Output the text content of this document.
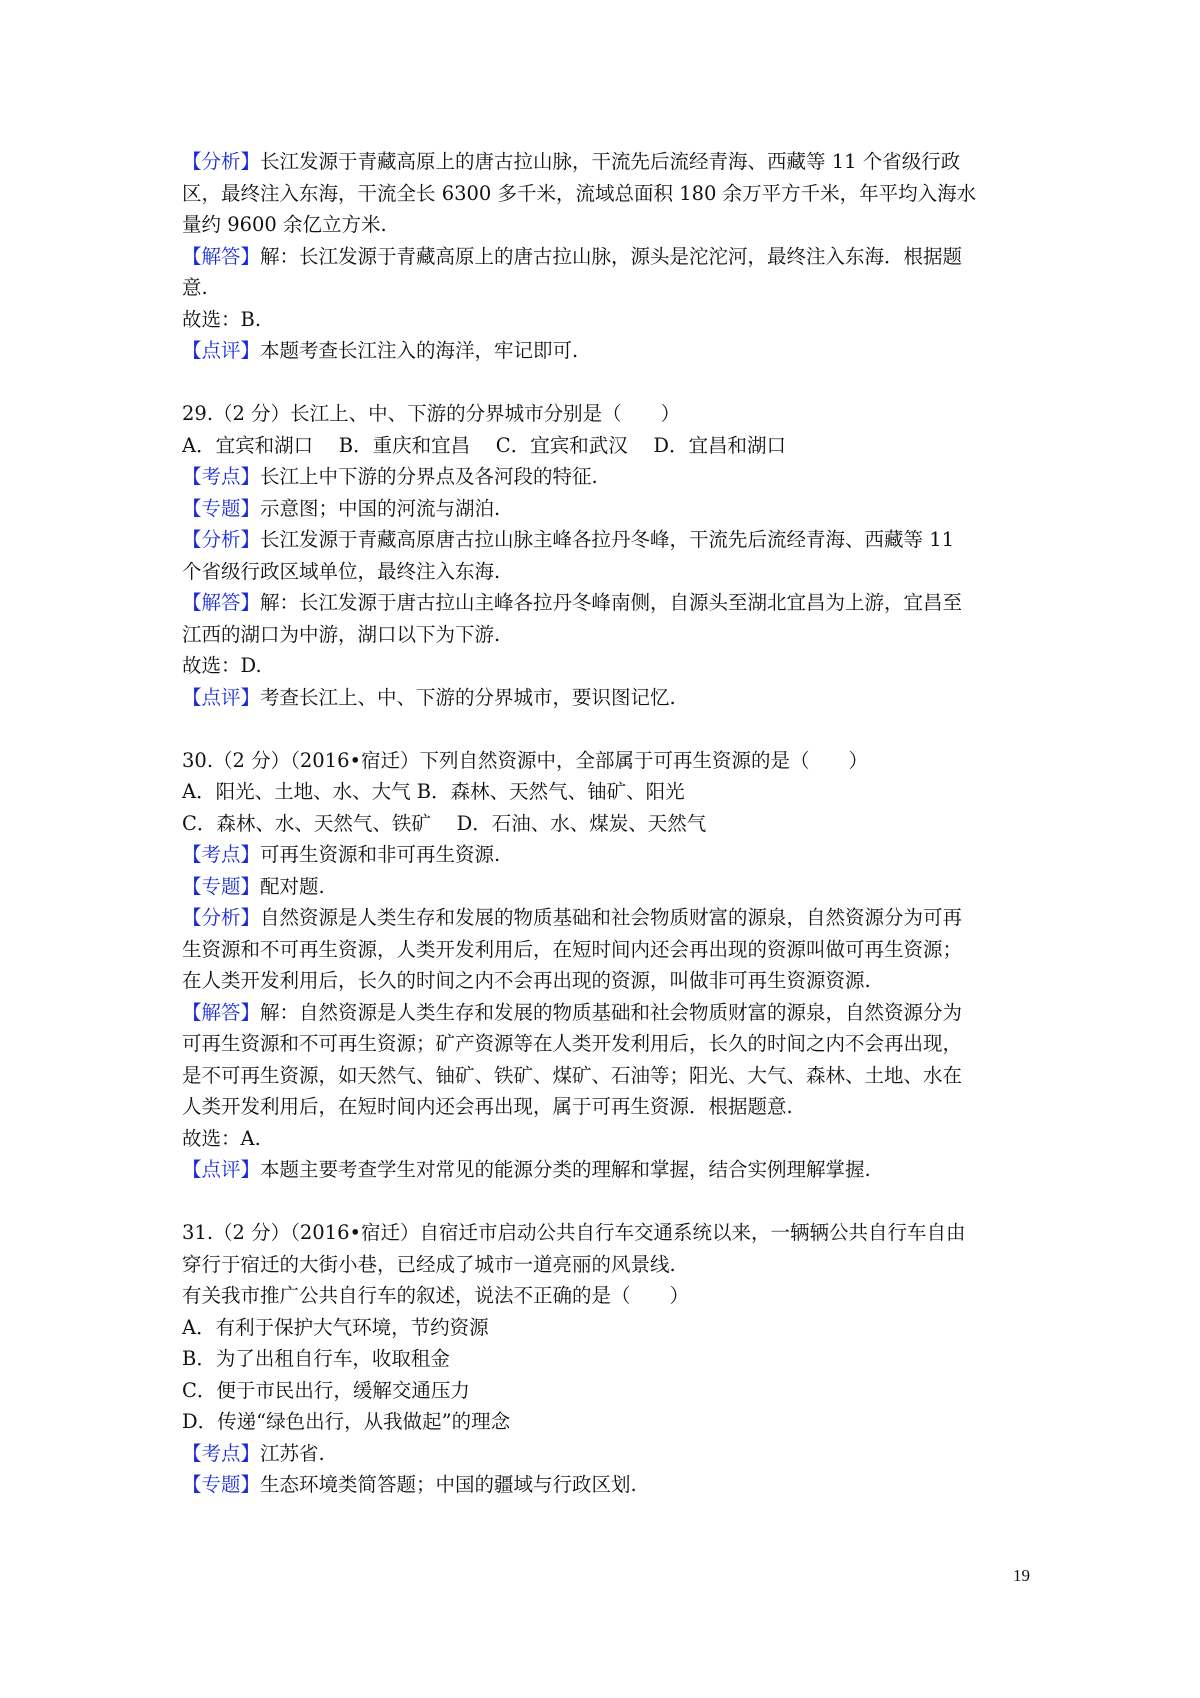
【分析】长江发源于青藏高原上的唐古拉山脉，干流先后流经青海、西藏等 11 个省级行政
区，最终注入东海，干流全长 6300 多千米，流域总面积 180 余万平方千米，年平均入海水
量约 9600 余亿立方米.
【解答】解：长江发源于青藏高原上的唐古拉山脉，源头是沱沱河，最终注入东海．根据题
意.
故选：B.
【点评】本题考查长江注入的海洋，牢记即可.
29.（2 分）长江上、中、下游的分界城市分别是（　　）
A．宜宾和湖口　 B．重庆和宜昌　 C．宜宾和武汉　 D．宜昌和湖口
【考点】长江上中下游的分界点及各河段的特征.
【专题】示意图；中国的河流与湖泊.
【分析】长江发源于青藏高原唐古拉山脉主峰各拉丹冬峰，干流先后流经青海、西藏等 11
个省级行政区域单位，最终注入东海.
【解答】解：长江发源于唐古拉山主峰各拉丹冬峰南侧，自源头至湖北宜昌为上游，宜昌至
江西的湖口为中游，湖口以下为下游.
故选：D.
【点评】考查长江上、中、下游的分界城市，要识图记忆.
30.（2 分）（2016•宿迁）下列自然资源中，全部属于可再生资源的是（　　）
A．阳光、土地、水、大气 B．森林、天然气、铀矿、阳光
C．森林、水、天然气、铁矿　 D．石油、水、煤炭、天然气
【考点】可再生资源和非可再生资源.
【专题】配对题.
【分析】自然资源是人类生存和发展的物质基础和社会物质财富的源泉，自然资源分为可再
生资源和不可再生资源，人类开发利用后，在短时间内还会再出现的资源叫做可再生资源；
在人类开发利用后，长久的时间之内不会再出现的资源，叫做非可再生资源资源.
【解答】解：自然资源是人类生存和发展的物质基础和社会物质财富的源泉，自然资源分为
可再生资源和不可再生资源；矿产资源等在人类开发利用后，长久的时间之内不会再出现，
是不可再生资源，如天然气、铀矿、铁矿、煤矿、石油等；阳光、大气、森林、土地、水在
人类开发利用后，在短时间内还会再出现，属于可再生资源．根据题意.
故选：A.
【点评】本题主要考查学生对常见的能源分类的理解和掌握，结合实例理解掌握.
31.（2 分）（2016•宿迁）自宿迁市启动公共自行车交通系统以来，一辆辆公共自行车自由
穿行于宿迁的大街小巷，已经成了城市一道亮丽的风景线.
有关我市推广公共自行车的叙述，说法不正确的是（　　）
A．有利于保护大气环境，节约资源
B．为了出租自行车，收取租金
C．便于市民出行，缓解交通压力
D．传递“绿色出行，从我做起”的理念
【考点】江苏省.
【专题】生态环境类简答题；中国的疆域与行政区划.
19
